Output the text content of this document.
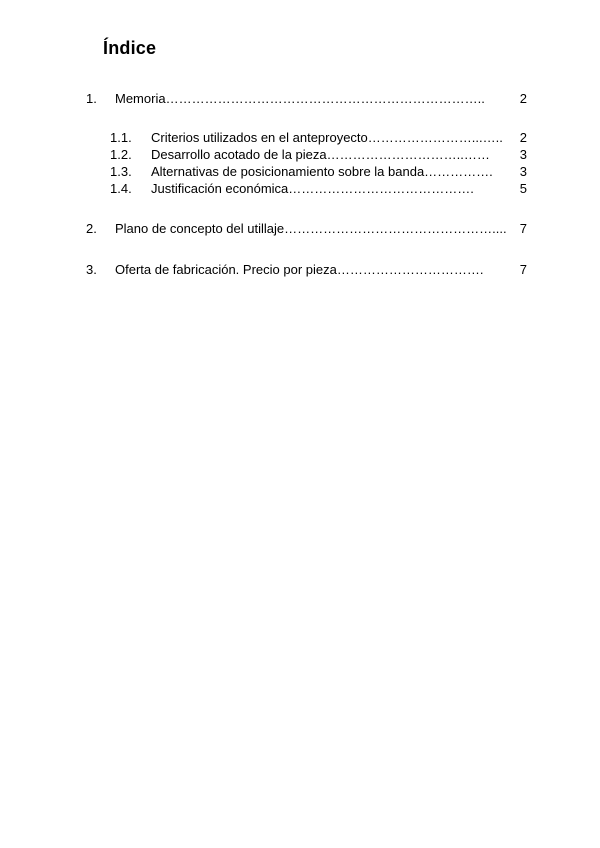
Índice
1.	Memoria ………………………………………………………………..	2
1.1.	Criterios utilizados en el anteproyecto ……………………...…..	2
1.2.	Desarrollo acotado de la pieza …………………………..……	3
1.3.	Alternativas de posicionamiento sobre la banda …………….	3
1.4.	Justificación económica …………………………………….	5
2.	Plano de concepto del utillaje …………………………………………....	7
3.	Oferta de fabricación. Precio por pieza …………………………….	7
